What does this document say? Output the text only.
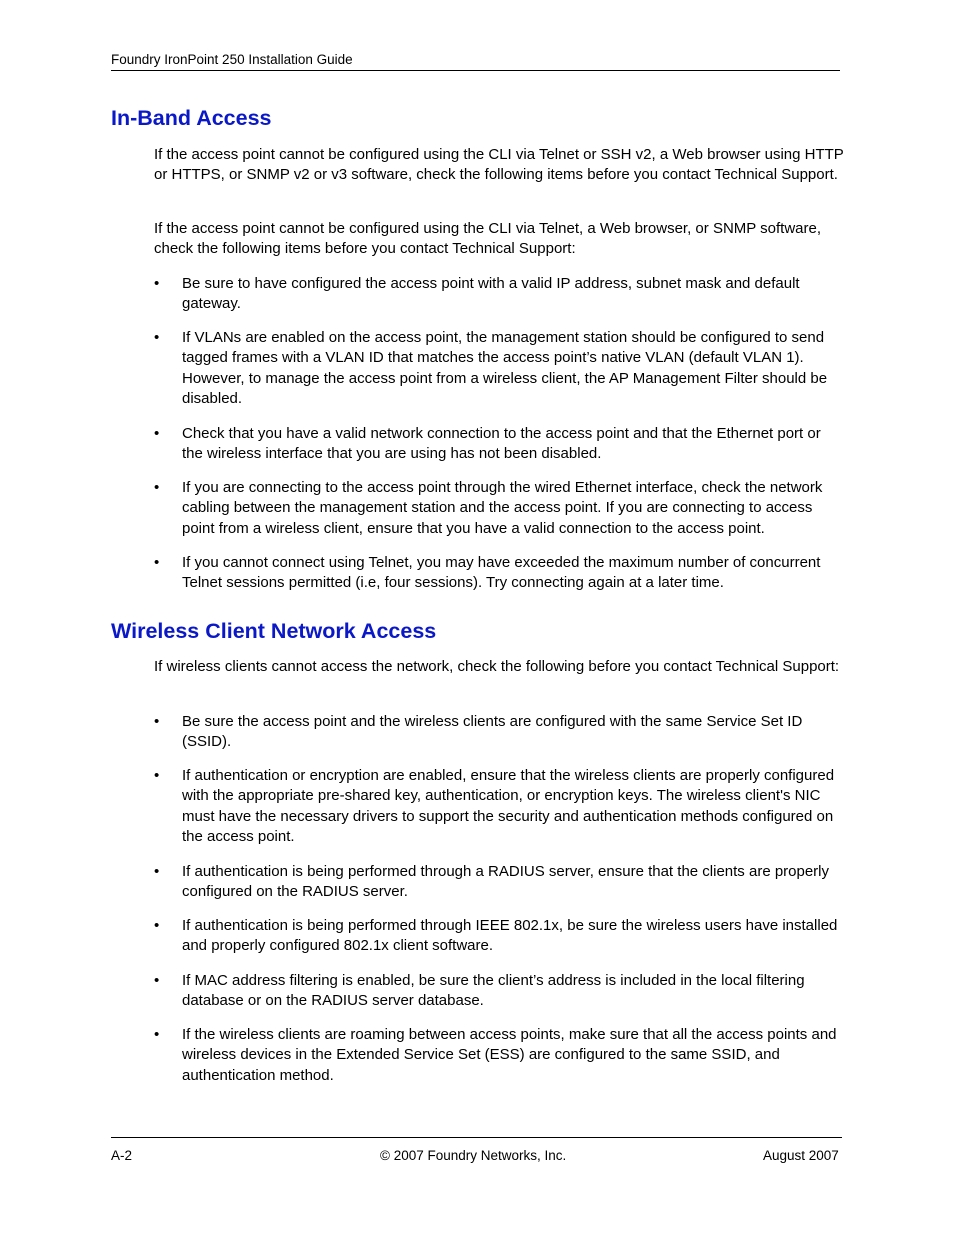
Foundry IronPoint 250 Installation Guide
In-Band Access

If the access point cannot be configured using the CLI via Telnet or SSH v2, a Web browser using HTTP or HTTPS, or SNMP v2 or v3 software, check the following items before you contact Technical Support.

If the access point cannot be configured using the CLI via Telnet, a Web browser, or SNMP software, check the following items before you contact Technical Support:

•	Be sure to have configured the access point with a valid IP address, subnet mask and default gateway.
•	If VLANs are enabled on the access point, the management station should be configured to send tagged frames with a VLAN ID that matches the access point’s native VLAN (default VLAN 1). However, to manage the access point from a wireless client, the AP Management Filter should be disabled.
•	Check that you have a valid network connection to the access point and that the Ethernet port or the wireless interface that you are using has not been disabled.
•	If you are connecting to the access point through the wired Ethernet interface, check the network cabling between the management station and the access point. If you are connecting to access point from a wireless client, ensure that you have a valid connection to the access point.
•	If you cannot connect using Telnet, you may have exceeded the maximum number of concurrent Telnet sessions permitted (i.e, four sessions). Try connecting again at a later time.
Wireless Client Network Access

If wireless clients cannot access the network, check the following before you contact Technical Support:

•	Be sure the access point and the wireless clients are configured with the same Service Set ID (SSID).
•	If authentication or encryption are enabled, ensure that the wireless clients are properly configured with the appropriate pre-shared key, authentication, or encryption keys. The wireless client's NIC must have the necessary drivers to support the security and authentication methods configured on the access point.
•	If authentication is being performed through a RADIUS server, ensure that the clients are properly configured on the RADIUS server.
•	If authentication is being performed through IEEE 802.1x, be sure the wireless users have installed and properly configured 802.1x client software.
•	If MAC address filtering is enabled, be sure the client’s address is included in the local filtering database or on the RADIUS server database.
•	If the wireless clients are roaming between access points, make sure that all the access points and wireless devices in the Extended Service Set (ESS) are configured to the same SSID, and authentication method.
A-2	© 2007 Foundry Networks, Inc.	August 2007
